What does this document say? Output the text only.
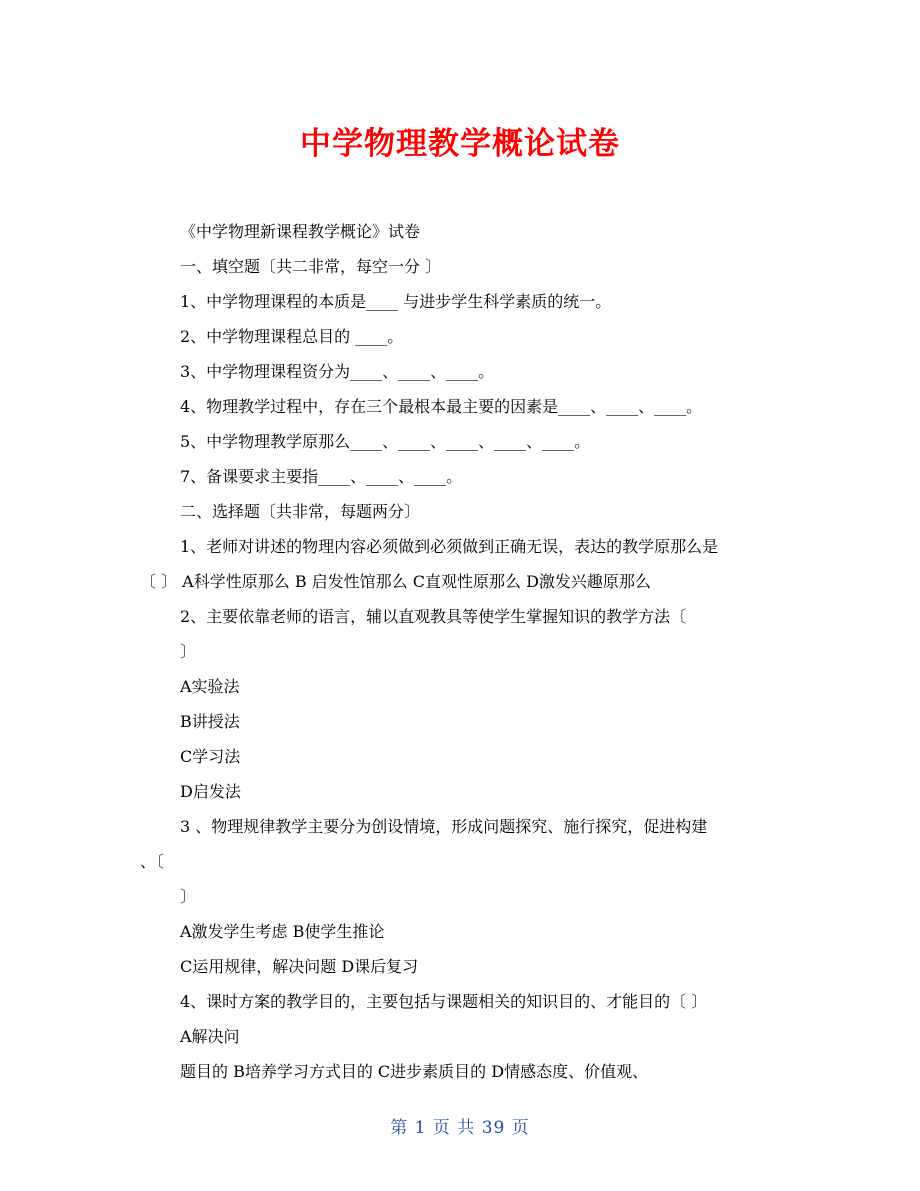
中学物理教学概论试卷
《中学物理新课程教学概论》试卷
一、填空题〔共二非常，每空一分 〕
1、中学物理课程的本质是____ 与进步学生科学素质的统一。
2、中学物理课程总目的 ____。
3、中学物理课程资分为____、____、____。
4、物理教学过程中，存在三个最根本最主要的因素是____、____、____。
5、中学物理教学原那么____、____、____、____、____。
7、备课要求主要指____、____、____。
二、选择题〔共非常，每题两分〕
1、老师对讲述的物理内容必须做到必须做到正确无误，表达的教学原那么是
〔 〕 A科学性原那么 B 启发性馆那么 C直观性原那么 D激发兴趣原那么
2、主要依靠老师的语言，辅以直观教具等使学生掌握知识的教学方法〔
〕
A实验法
B讲授法
C学习法
D启发法
3 、物理规律教学主要分为创设情境，形成问题探究、施行探究，促进构建
、〔
〕
A激发学生考虑 B使学生推论
C运用规律，解决问题 D课后复习
4、课时方案的教学目的，主要包括与课题相关的知识目的、才能目的〔 〕
A解决问
题目的 B培养学习方式目的 C进步素质目的 D情感态度、价值观、
第 1 页 共 39 页
